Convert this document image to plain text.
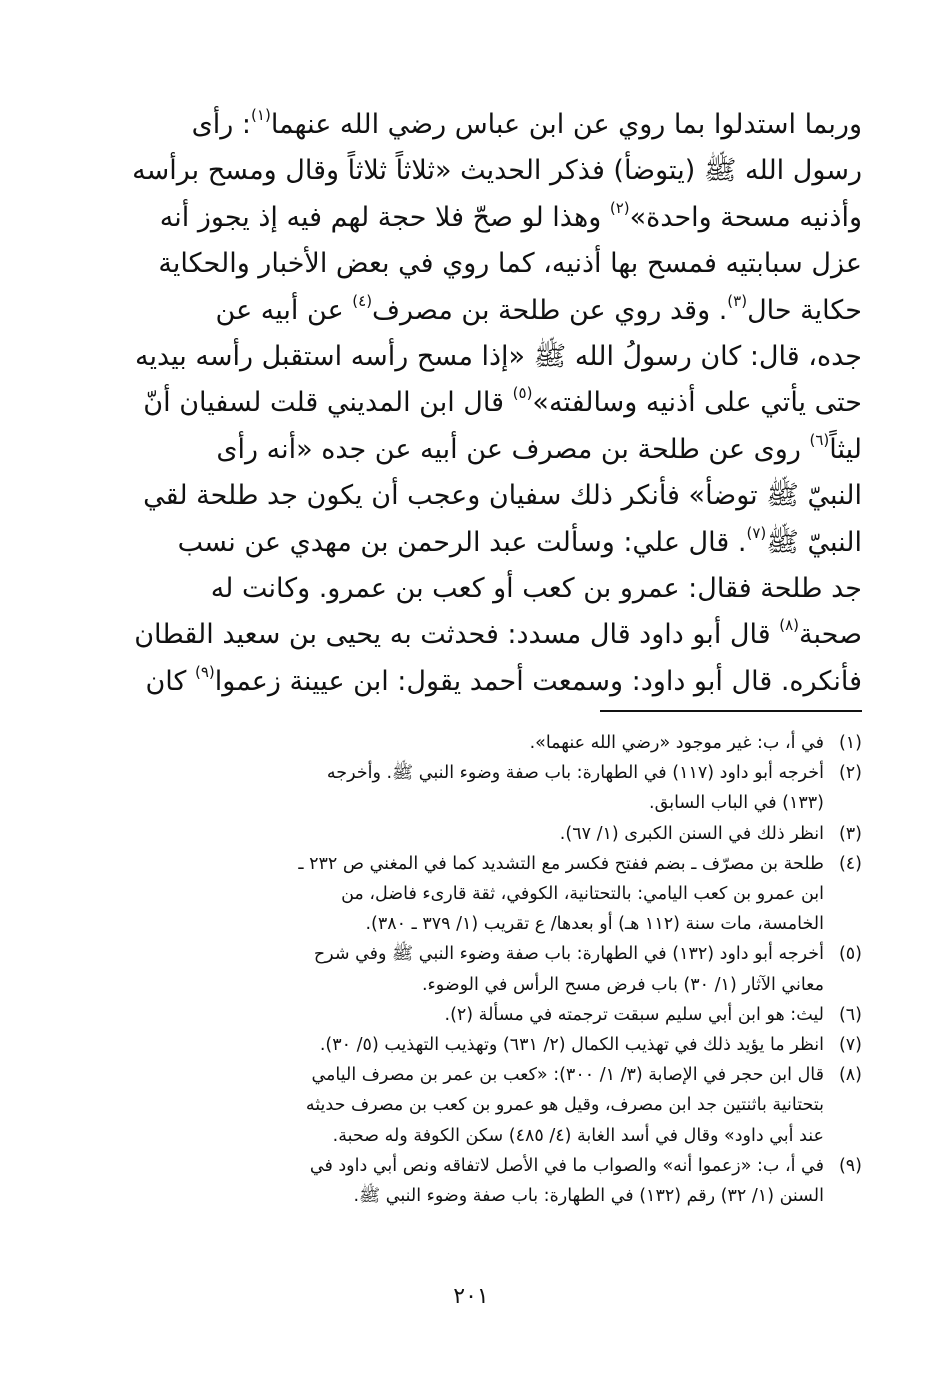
وربما استدلوا بما روي عن ابن عباس رضي الله عنهما$^{(١)}$: رأى
رسول الله ﷺ (يتوضأ) فذكر الحديث «ثلاثاً ثلاثاً وقال ومسح برأسه
وأذنيه مسحة واحدة»$^{(٢)}$ وهذا لو صحّ فلا حجة لهم فيه إذ يجوز أنه
عزل سبابتيه فمسح بها أذنيه، كما روي في بعض الأخبار والحكاية
حكاية حال$^{(٣)}$. وقد روي عن طلحة بن مصرف$^{(٤)}$ عن أبيه عن
جده، قال: كان رسولُ الله ﷺ «إذا مسح رأسه استقبل رأسه بيديه
حتى يأتي على أذنيه وسالفته»$^{(٥)}$ قال ابن المديني قلت لسفيان أنّ
ليثاً$^{(٦)}$ روى عن طلحة بن مصرف عن أبيه عن جده «أنه رأى
النبيّ ﷺ توضأ» فأنكر ذلك سفيان وعجب أن يكون جد طلحة لقي
النبيّ ﷺ$^{(٧)}$. قال علي: وسألت عبد الرحمن بن مهدي عن نسب
جد طلحة فقال: عمرو بن كعب أو كعب بن عمرو. وكانت له
صحبة$^{(٨)}$ قال أبو داود قال مسدد: فحدثت به يحيى بن سعيد القطان
فأنكره. قال أبو داود: وسمعت أحمد يقول: ابن عيينة زعموا$^{(٩)}$ كان
(١)
في أ، ب: غير موجود «رضي الله عنهما».
(٢)
أخرجه أبو داود (١١٧) في الطهارة: باب صفة وضوء النبي ﷺ. وأخرجه
(١٣٣) في الباب السابق.
(٣)
انظر ذلك في السنن الكبرى (١/ ٦٧).
(٤)
طلحة بن مصرّف ـ بضم ففتح فكسر مع التشديد كما في المغني ص ٢٣٢ ـ
ابن عمرو بن كعب اليامي: بالتحتانية، الكوفي، ثقة قارىء فاضل، من
الخامسة، مات سنة (١١٢ هـ) أو بعدها/ ع تقريب (١/ ٣٧٩ ـ ٣٨٠).
(٥)
أخرجه أبو داود (١٣٢) في الطهارة: باب صفة وضوء النبي ﷺ وفي شرح
معاني الآثار (١/ ٣٠) باب فرض مسح الرأس في الوضوء.
(٦)
ليث: هو ابن أبي سليم سبقت ترجمته في مسألة (٢).
(٧)
انظر ما يؤيد ذلك في تهذيب الكمال (٢/ ٦٣١) وتهذيب التهذيب (٥/ ٣٠).
(٨)
قال ابن حجر في الإصابة (٣/ ١/ ٣٠٠): «كعب بن عمر بن مصرف اليامي
بتحتانية باثنتين جد ابن مصرف، وقيل هو عمرو بن كعب بن مصرف حديثه
عند أبي داود» وقال في أسد الغابة (٤/ ٤٨٥) سكن الكوفة وله صحبة.
(٩)
في أ، ب: «زعموا أنه» والصواب ما في الأصل لاتفاقه ونص أبي داود في
السنن (١/ ٣٢) رقم (١٣٢) في الطهارة: باب صفة وضوء النبي ﷺ.
٢٠١
